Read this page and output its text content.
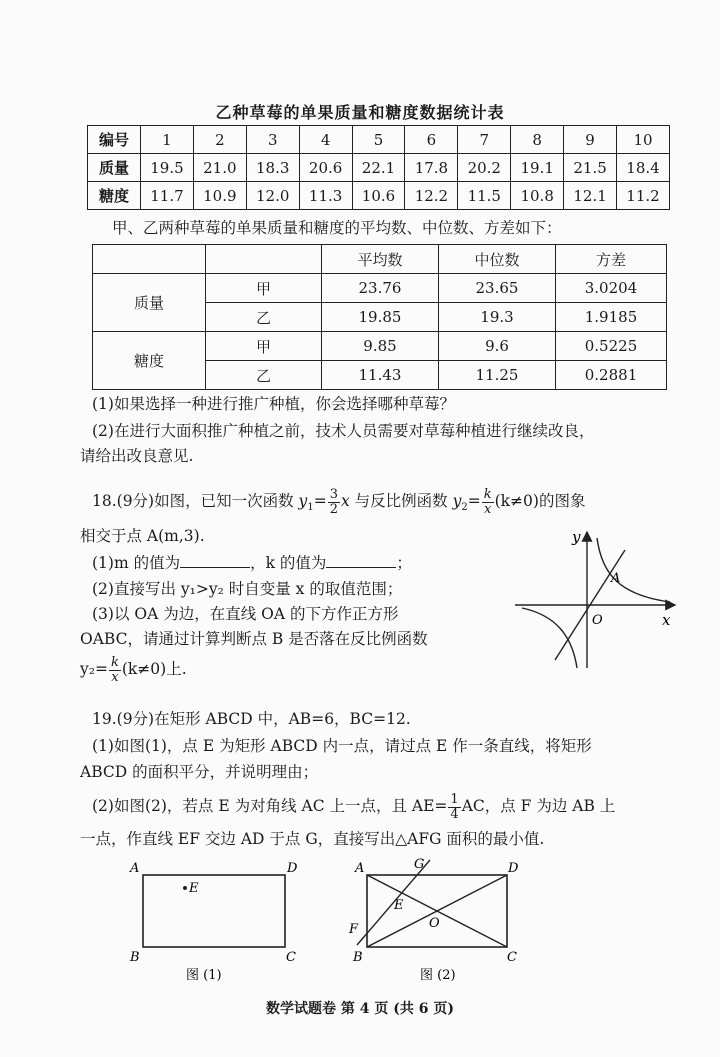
乙种草莓的单果质量和糖度数据统计表
编号	1	2	3	4	5	6	7	8	9	10
质量	19.5	21.0	18.3	20.6	22.1	17.8	20.2	19.1	21.5	18.4
糖度	11.7	10.9	12.0	11.3	10.6	12.2	11.5	10.8	12.1	11.2
甲、乙两种草莓的单果质量和糖度的平均数、中位数、方差如下：
		平均数	中位数	方差
质量	甲	23.76	23.65	3.0204
	乙	19.85	19.3	1.9185
糖度	甲	9.85	9.6	0.5225
	乙	11.43	11.25	0.2881
(1)如果选择一种进行推广种植，你会选择哪种草莓？
(2)在进行大面积推广种植之前，技术人员需要对草莓种植进行继续改良，
请给出改良意见.
18.(9分)如图，已知一次函数 $y_1= \frac{3}{2}$ x 与反比例函数 $y_2= \frac{k}{x} (k\ne 0)$的图象
相交于点 A(m,3).
(1)m 的值为	，k 的值为	；
(2)直接写出 y₁>y₂ 时自变量 x 的取值范围；
(3)以 OA 为边，在直线 OA 的下方作正方形
OABC，请通过计算判断点 B 是否落在反比例函数
$y_2= \frac{k}{x} (k\ne 0)$上.
y
x
O
A
19.(9分)在矩形 ABCD 中，AB=6，BC=12.
(1)如图(1)，点 E 为矩形 ABCD 内一点，请过点 E 作一条直线，将矩形
ABCD 的面积平分，并说明理由；
(2)如图(2)，若点 E 为对角线 AC 上一点，且 $AE= \frac{1}{4}$ AC，点 F 为边 AB 上
一点，作直线 EF 交边 AD 于点 G，直接写出△AFG 面积的最小值.
A	D
B	C
E
图 (1)
A	D
B	C
G
E
F	O
图 (2)
数学试题卷 第 4 页 (共 6 页)
